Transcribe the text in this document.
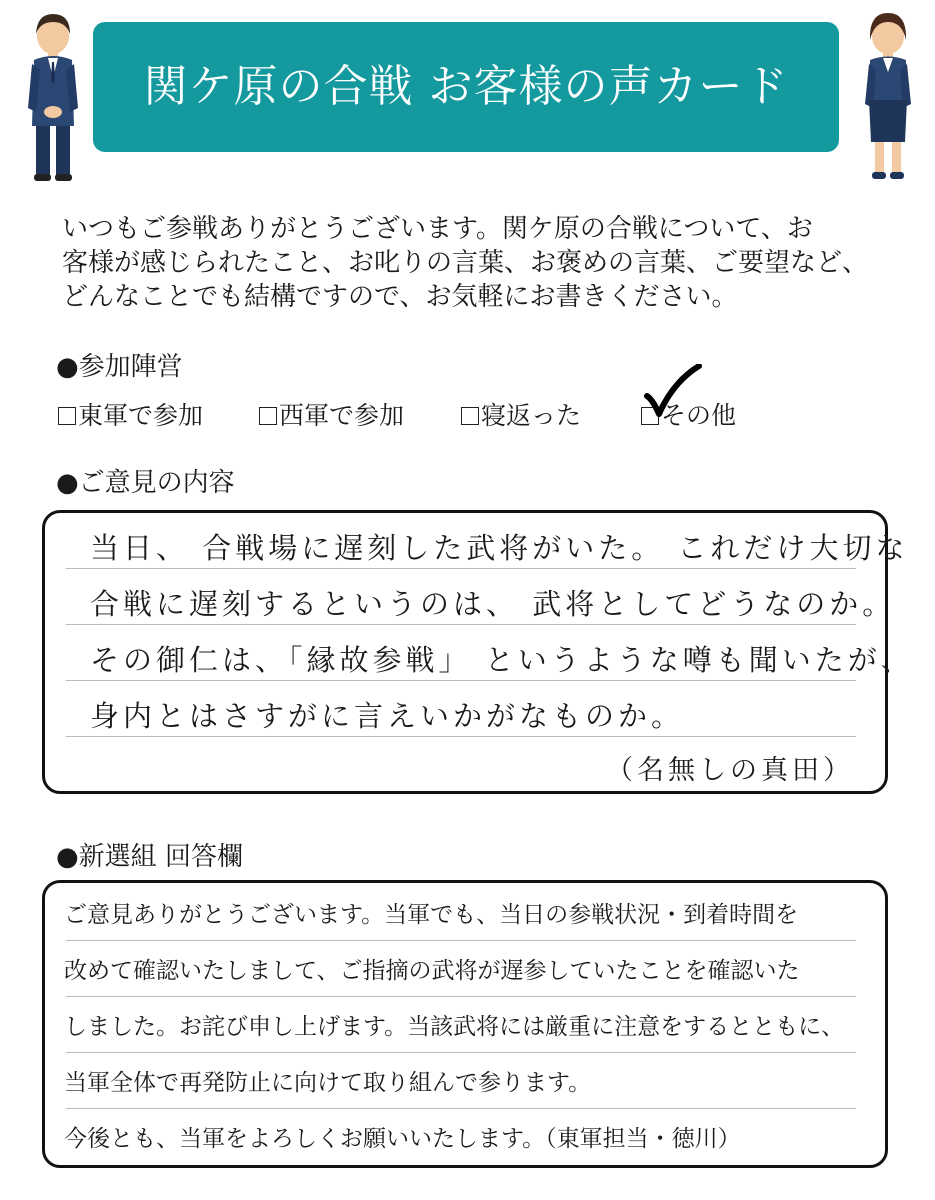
関ケ原の合戦 お客様の声カード
いつもご参戦ありがとうございます。関ケ原の合戦について、お
客様が感じられたこと、お叱りの言葉、お褒めの言葉、ご要望など、
どんなことでも結構ですので、お気軽にお書きください。
●参加陣営
東軍で参加	西軍で参加	寝返った	その他
●ご意見の内容
当日、 合戦場に遅刻した武将がいた。 これだけ大切な
合戦に遅刻するというのは、 武将としてどうなのか。
その御仁は、「縁故参戦」 というような噂も聞いたが、
身内とはさすがに言えいかがなものか。
（名無しの真田）
●新選組 回答欄
ご意見ありがとうございます。当軍でも、当日の参戦状況・到着時間を
改めて確認いたしまして、ご指摘の武将が遅参していたことを確認いた
しました。お詫び申し上げます。当該武将には厳重に注意をするとともに、
当軍全体で再発防止に向けて取り組んで参ります。
今後とも、当軍をよろしくお願いいたします。（東軍担当・徳川）
